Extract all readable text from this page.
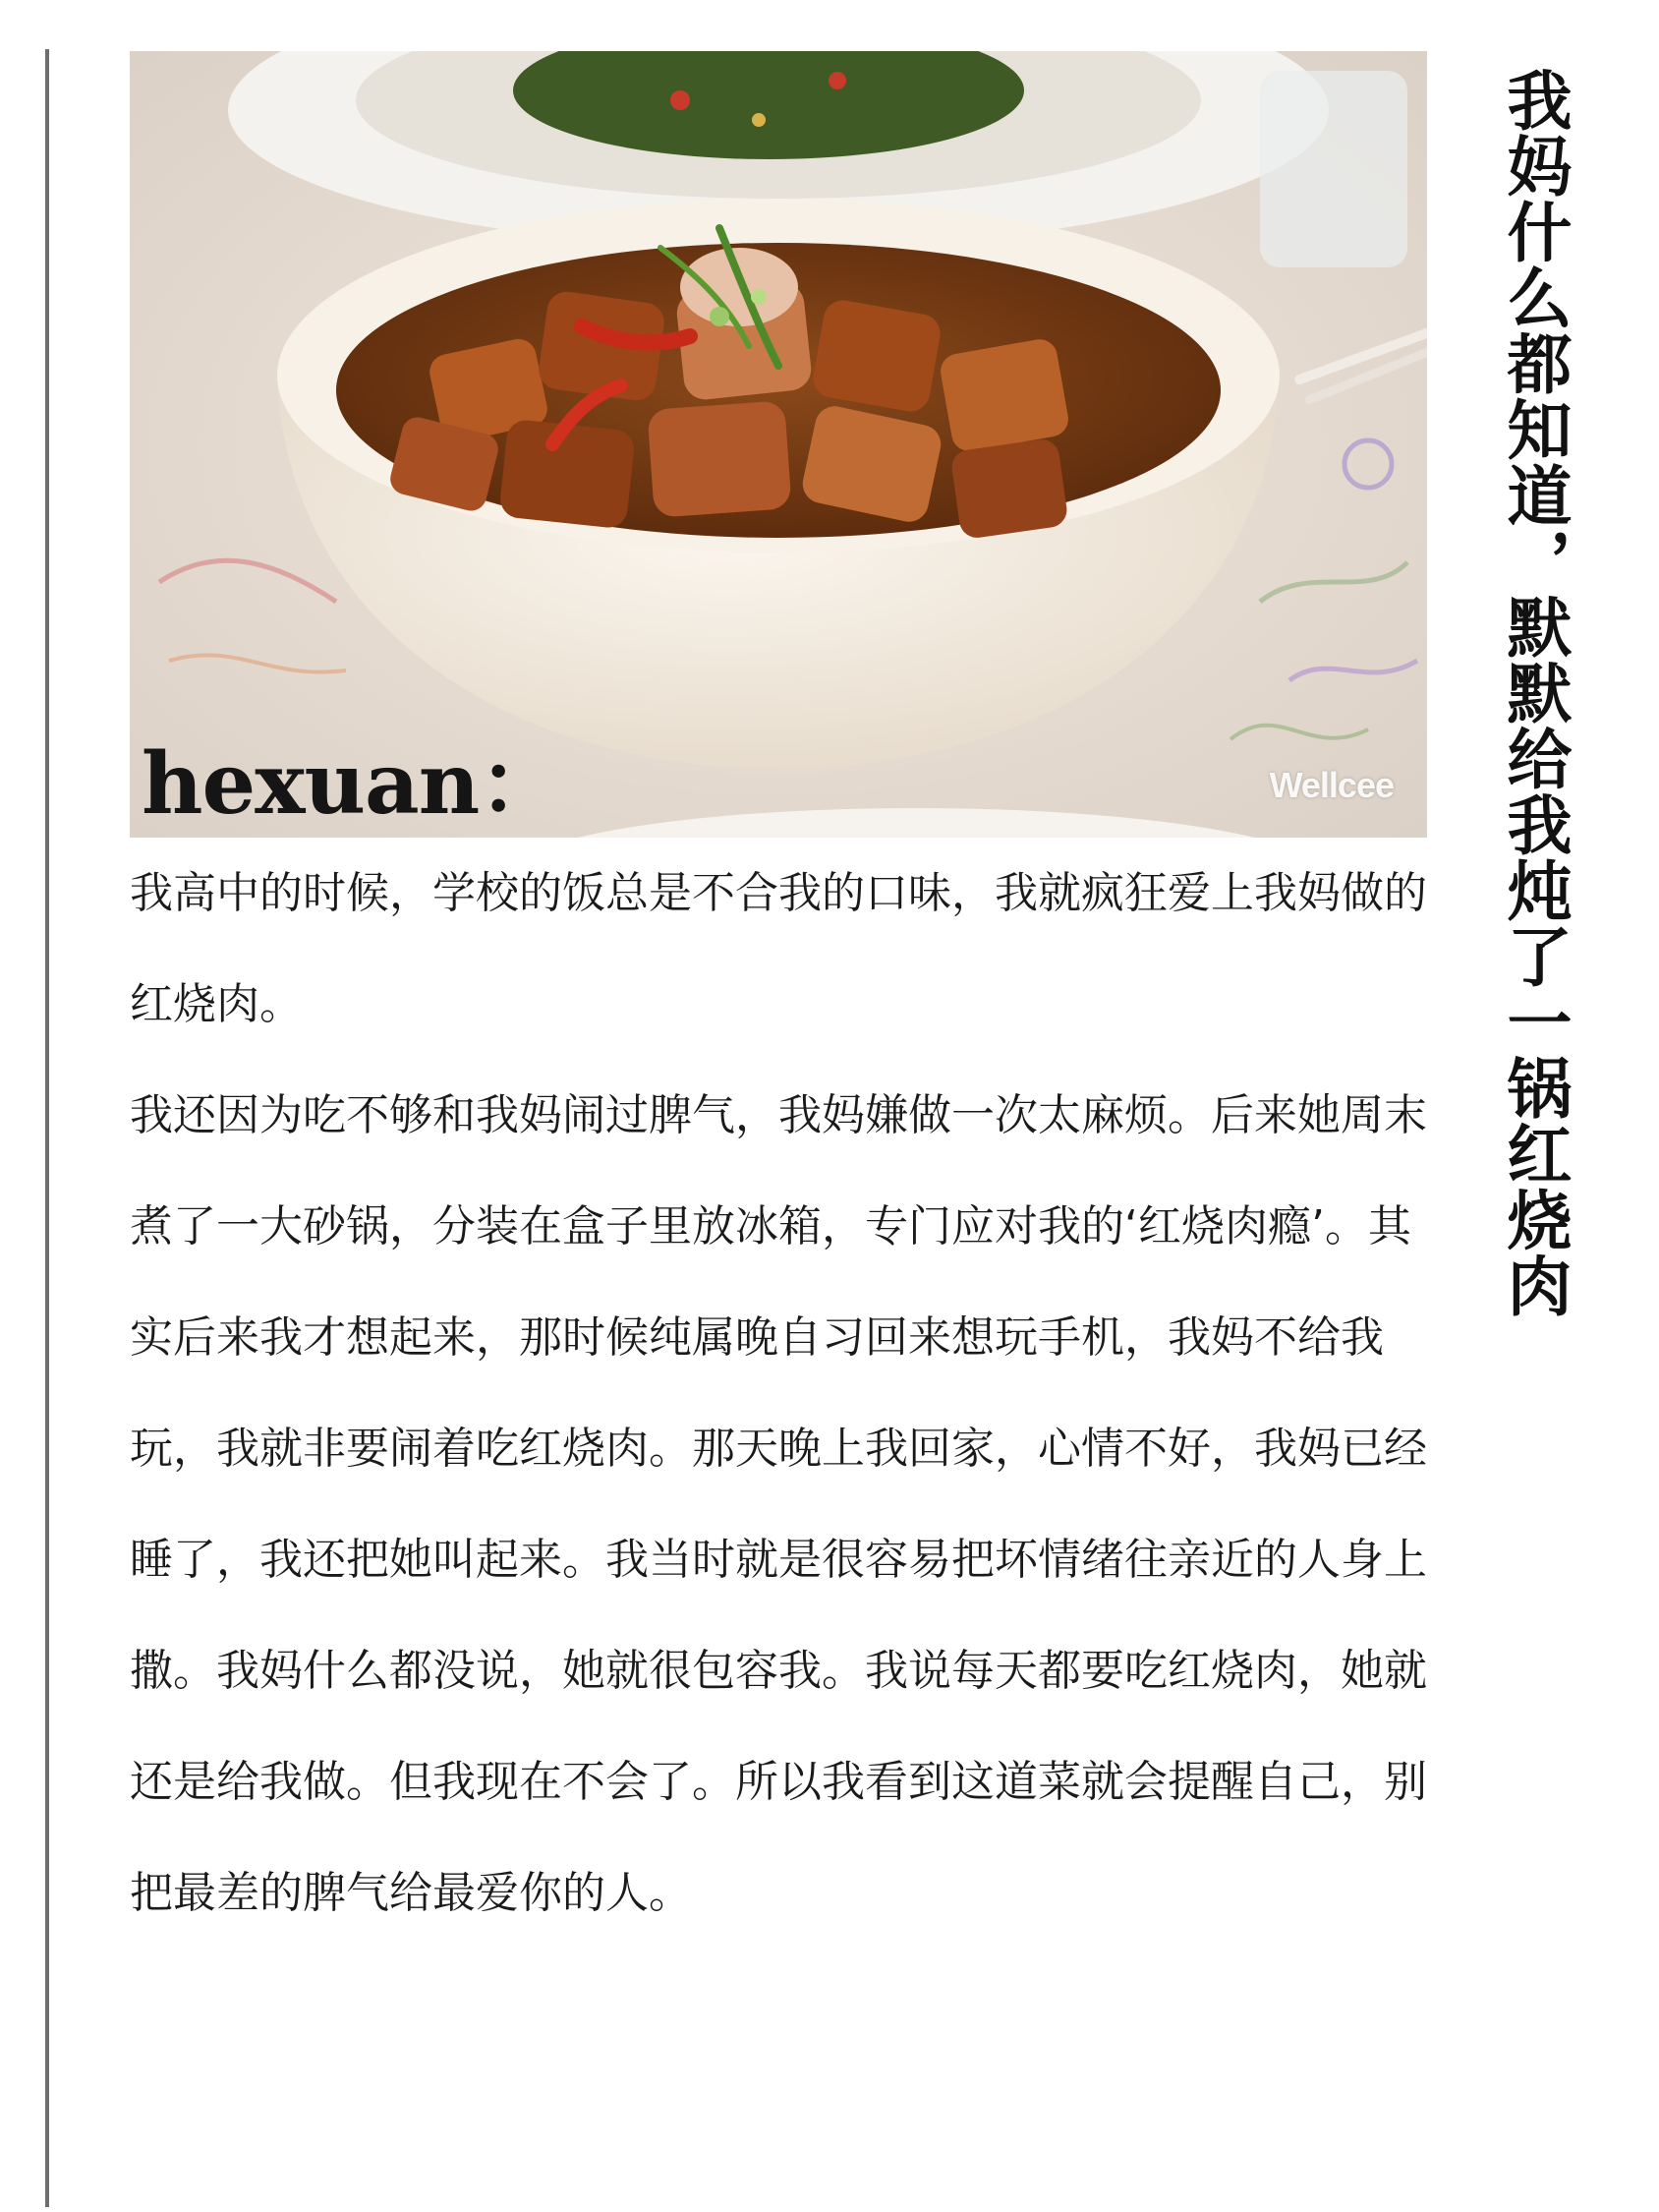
hexuan：	Wellcee

我高中的时候，学校的饭总是不合我的口味，我就疯狂爱上我妈做的红烧肉。

我还因为吃不够和我妈闹过脾气，我妈嫌做一次太麻烦。后来她周末煮了一大砂锅，分装在盒子里放冰箱，专门应对我的‘红烧肉瘾’。其实后来我才想起来，那时候纯属晚自习回来想玩手机，我妈不给我玩，我就非要闹着吃红烧肉。那天晚上我回家，心情不好，我妈已经睡了，我还把她叫起来。我当时就是很容易把坏情绪往亲近的人身上撒。我妈什么都没说，她就很包容我。我说每天都要吃红烧肉，她就还是给我做。但我现在不会了。所以我看到这道菜就会提醒自己，别把最差的脾气给最爱你的人。

我妈什么都知道，默默给我炖了一锅红烧肉
